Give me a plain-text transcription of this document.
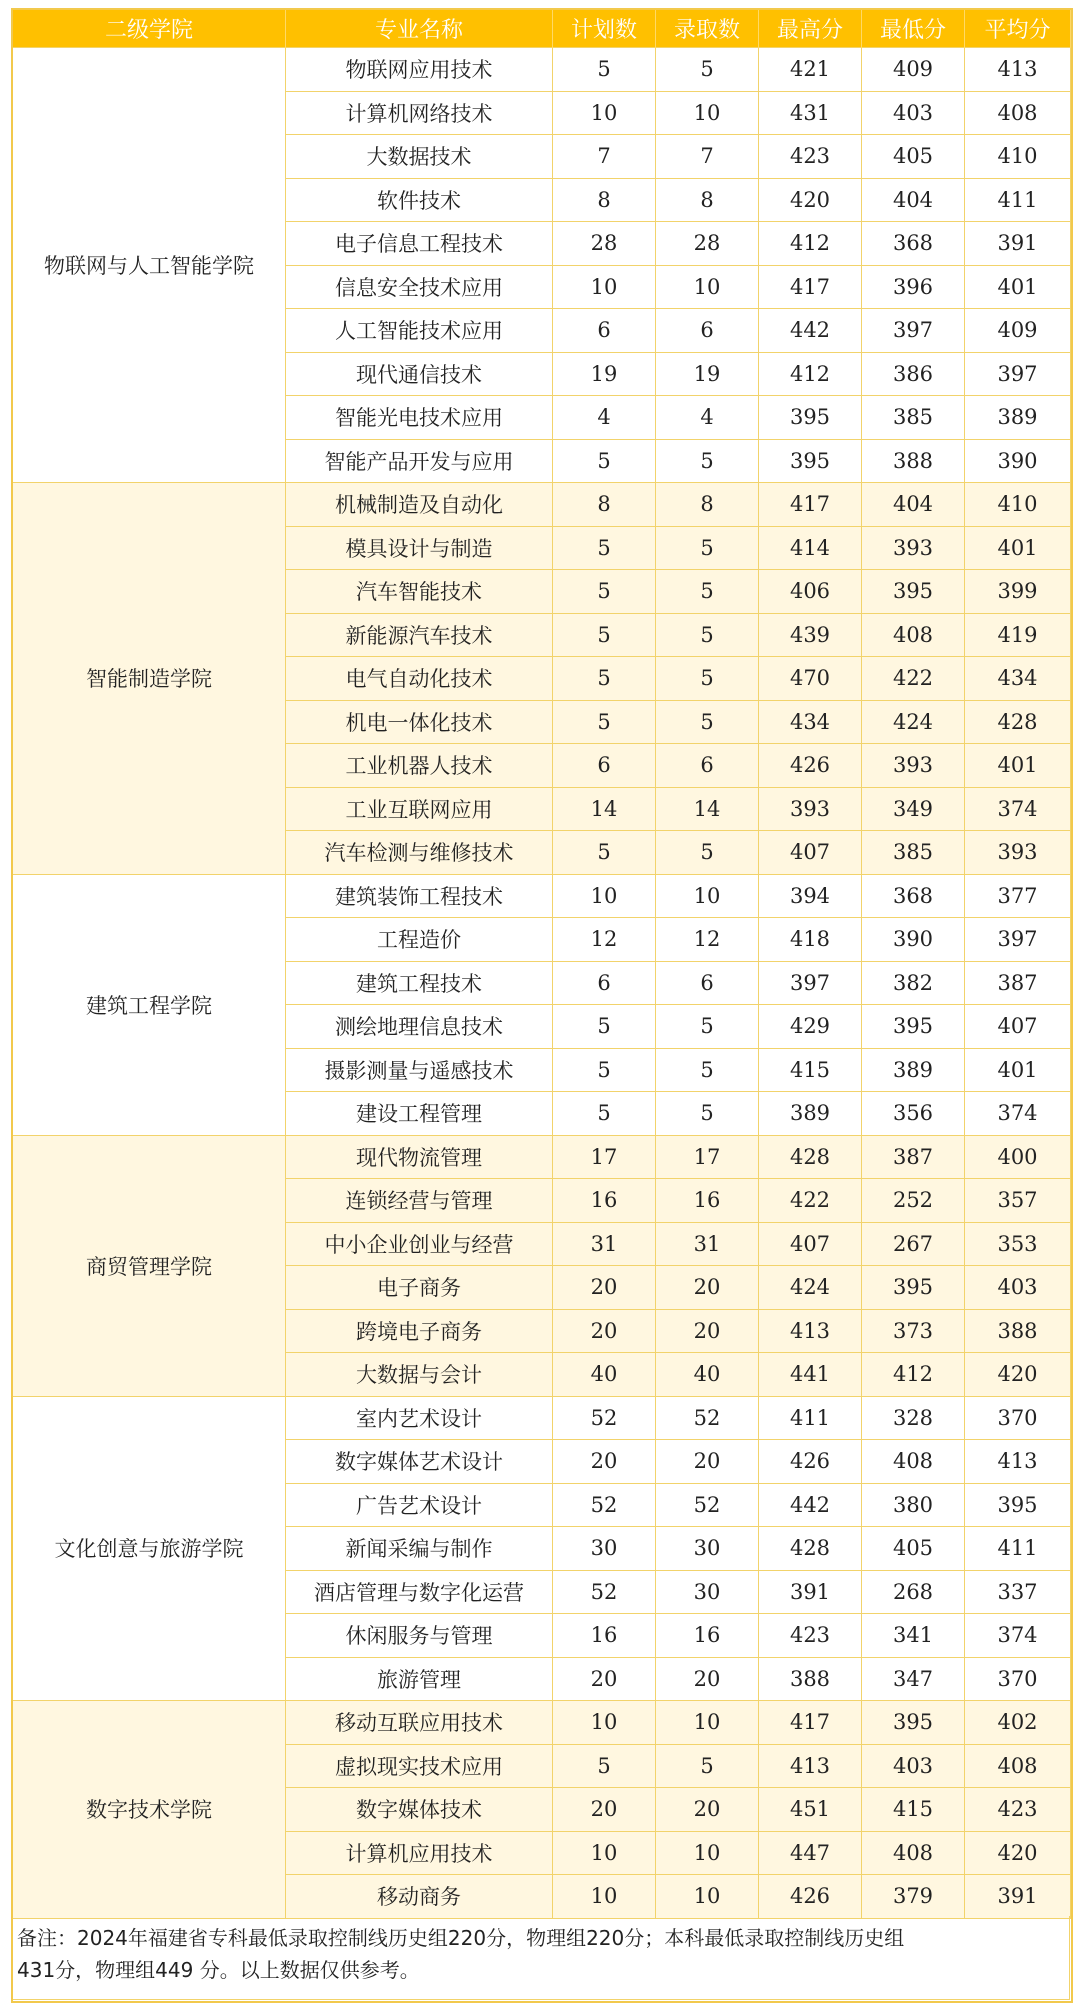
二级学院	专业名称	计划数	录取数	最高分	最低分	平均分
物联网与人工智能学院	物联网应用技术	5	5	421	409	413
	计算机网络技术	10	10	431	403	408
	大数据技术	7	7	423	405	410
	软件技术	8	8	420	404	411
	电子信息工程技术	28	28	412	368	391
	信息安全技术应用	10	10	417	396	401
	人工智能技术应用	6	6	442	397	409
	现代通信技术	19	19	412	386	397
	智能光电技术应用	4	4	395	385	389
	智能产品开发与应用	5	5	395	388	390
智能制造学院	机械制造及自动化	8	8	417	404	410
	模具设计与制造	5	5	414	393	401
	汽车智能技术	5	5	406	395	399
	新能源汽车技术	5	5	439	408	419
	电气自动化技术	5	5	470	422	434
	机电一体化技术	5	5	434	424	428
	工业机器人技术	6	6	426	393	401
	工业互联网应用	14	14	393	349	374
	汽车检测与维修技术	5	5	407	385	393
建筑工程学院	建筑装饰工程技术	10	10	394	368	377
	工程造价	12	12	418	390	397
	建筑工程技术	6	6	397	382	387
	测绘地理信息技术	5	5	429	395	407
	摄影测量与遥感技术	5	5	415	389	401
	建设工程管理	5	5	389	356	374
商贸管理学院	现代物流管理	17	17	428	387	400
	连锁经营与管理	16	16	422	252	357
	中小企业创业与经营	31	31	407	267	353
	电子商务	20	20	424	395	403
	跨境电子商务	20	20	413	373	388
	大数据与会计	40	40	441	412	420
文化创意与旅游学院	室内艺术设计	52	52	411	328	370
	数字媒体艺术设计	20	20	426	408	413
	广告艺术设计	52	52	442	380	395
	新闻采编与制作	30	30	428	405	411
	酒店管理与数字化运营	52	30	391	268	337
	休闲服务与管理	16	16	423	341	374
	旅游管理	20	20	388	347	370
数字技术学院	移动互联应用技术	10	10	417	395	402
	虚拟现实技术应用	5	5	413	403	408
	数字媒体技术	20	20	451	415	423
	计算机应用技术	10	10	447	408	420
	移动商务	10	10	426	379	391
备注：2024年福建省专科最低录取控制线历史组220分，物理组220分；本科最低录取控制线历史组
431分，物理组449 分。以上数据仅供参考。
